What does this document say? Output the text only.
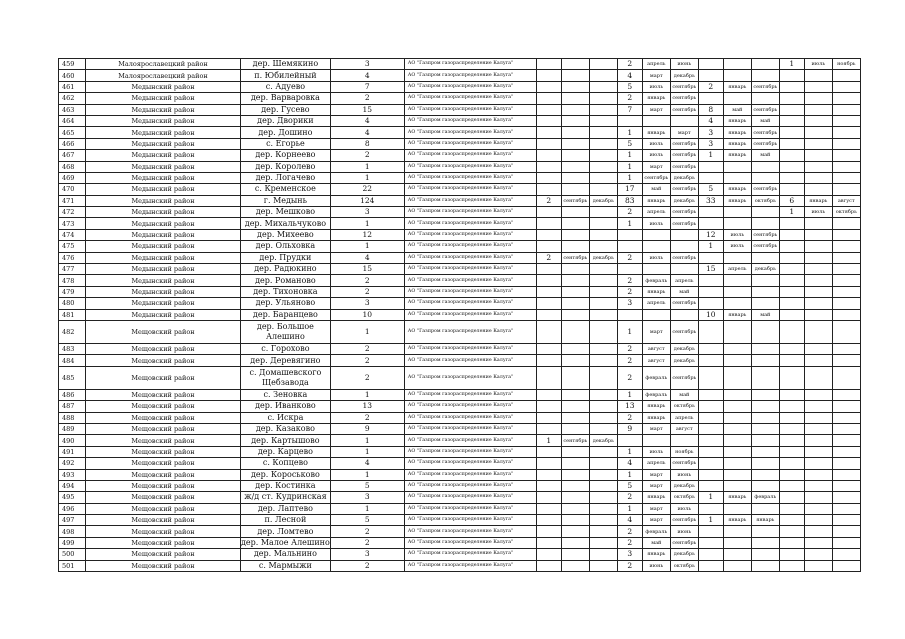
459	Малоярославецкий район	дер. Шемякино	3	АО "Газпром газораспределение Калуга"				2	апрель	июнь				1	июль	ноябрь
460	Малоярославецкий район	п. Юбилейный	4	АО "Газпром газораспределение Калуга"				4	март	декабрь						
461	Медынский район	с. Адуево	7	АО "Газпром газораспределение Калуга"				5	июль	сентябрь	2	январь	сентябрь			
462	Медынский район	дер. Варваровка	2	АО "Газпром газораспределение Калуга"				2	январь	сентябрь						
463	Медынский район	дер. Гусево	15	АО "Газпром газораспределение Калуга"				7	март	сентябрь	8	май	сентябрь			
464	Медынский район	дер. Дворики	4	АО "Газпром газораспределение Калуга"							4	январь	май			
465	Медынский район	дер. Дошино	4	АО "Газпром газораспределение Калуга"				1	январь	март	3	январь	сентябрь			
466	Медынский район	с. Егорье	8	АО "Газпром газораспределение Калуга"				5	июль	сентябрь	3	январь	сентябрь			
467	Медынский район	дер. Корнеево	2	АО "Газпром газораспределение Калуга"				1	июль	сентябрь	1	январь	май			
468	Медынский район	дер. Королево	1	АО "Газпром газораспределение Калуга"				1	март	сентябрь						
469	Медынский район	дер. Логачево	1	АО "Газпром газораспределение Калуга"				1	сентябрь	декабрь						
470	Медынский район	с. Кременское	22	АО "Газпром газораспределение Калуга"				17	май	сентябрь	5	январь	сентябрь			
471	Медынский район	г. Медынь	124	АО "Газпром газораспределение Калуга"	2	сентябрь	декабрь	83	январь	декабрь	33	январь	октябрь	6	январь	август
472	Медынский район	дер. Мешково	3	АО "Газпром газораспределение Калуга"				2	апрель	сентябрь				1	июль	октябрь
473	Медынский район	дер. Михальчуково	1	АО "Газпром газораспределение Калуга"				1	июль	сентябрь						
474	Медынский район	дер. Михеево	12	АО "Газпром газораспределение Калуга"							12	июль	сентябрь			
475	Медынский район	дер. Ольховка	1	АО "Газпром газораспределение Калуга"							1	июль	сентябрь			
476	Медынский район	дер. Прудки	4	АО "Газпром газораспределение Калуга"	2	сентябрь	декабрь	2	июль	сентябрь						
477	Медынский район	дер. Радюкино	15	АО "Газпром газораспределение Калуга"							15	апрель	декабрь			
478	Медынский район	дер. Романово	2	АО "Газпром газораспределение Калуга"				2	февраль	апрель						
479	Медынский район	дер. Тихоновка	2	АО "Газпром газораспределение Калуга"				2	январь	май						
480	Медынский район	дер. Ульяново	3	АО "Газпром газораспределение Калуга"				3	апрель	сентябрь						
481	Медынский район	дер. Баранцево	10	АО "Газпром газораспределение Калуга"							10	январь	май			
482	Мещовский район	дер. Большое Алешино	1	АО "Газпром газораспределение Калуга"				1	март	сентябрь						
483	Мещовский район	с. Горохово	2	АО "Газпром газораспределение Калуга"				2	август	декабрь						
484	Мещовский район	дер. Деревягино	2	АО "Газпром газораспределение Калуга"				2	август	декабрь						
485	Мещовский район	с. Домашевского Щебзавода	2	АО "Газпром газораспределение Калуга"				2	февраль	сентябрь						
486	Мещовский район	с. Зеновка	1	АО "Газпром газораспределение Калуга"				1	февраль	май						
487	Мещовский район	дер. Иванково	13	АО "Газпром газораспределение Калуга"				13	январь	октябрь						
488	Мещовский район	с. Искра	2	АО "Газпром газораспределение Калуга"				2	январь	апрель						
489	Мещовский район	дер. Казаково	9	АО "Газпром газораспределение Калуга"				9	март	август						
490	Мещовский район	дер. Картышово	1	АО "Газпром газораспределение Калуга"	1	сентябрь	декабрь									
491	Мещовский район	дер. Карцево	1	АО "Газпром газораспределение Калуга"				1	июль	ноябрь						
492	Мещовский район	с. Копцево	4	АО "Газпром газораспределение Калуга"				4	апрель	сентябрь						
493	Мещовский район	дер. Короськово	1	АО "Газпром газораспределение Калуга"				1	март	июнь						
494	Мещовский район	дер. Костинка	5	АО "Газпром газораспределение Калуга"				5	март	декабрь						
495	Мещовский район	ж/д ст. Кудринская	3	АО "Газпром газораспределение Калуга"				2	январь	октябрь	1	январь	февраль			
496	Мещовский район	дер. Лаптево	1	АО "Газпром газораспределение Калуга"				1	март	июль						
497	Мещовский район	п. Лесной	5	АО "Газпром газораспределение Калуга"				4	март	сентябрь	1	январь	январь			
498	Мещовский район	дер. Ломтево	2	АО "Газпром газораспределение Калуга"				2	февраль	июнь						
499	Мещовский район	дер. Малое Алешино	2	АО "Газпром газораспределение Калуга"				2	май	сентябрь						
500	Мещовский район	дер. Мальнино	3	АО "Газпром газораспределение Калуга"				3	январь	декабрь						
501	Мещовский район	с. Мармыжи	2	АО "Газпром газораспределение Калуга"				2	июнь	октябрь						
